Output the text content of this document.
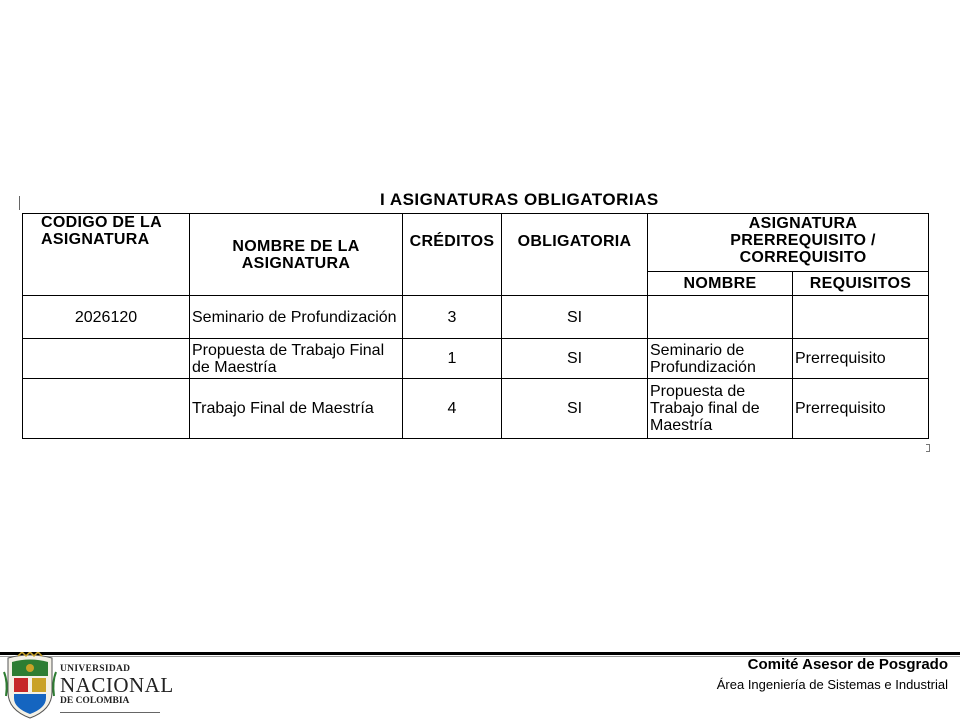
I ASIGNATURAS OBLIGATORIAS
CODIGO DE LA ASIGNATURA	NOMBRE DE LA ASIGNATURA	CRÉDITOS	OBLIGATORIA	ASIGNATURA PRERREQUISITO / CORREQUISITO	
				NOMBRE	REQUISITOS
2026120	Seminario de Profundización	3	SI		
	Propuesta de Trabajo Final de Maestría	1	SI	Seminario de Profundización	Prerrequisito
	Trabajo Final de Maestría	4	SI	Propuesta de Trabajo final de Maestría	Prerrequisito
UNIVERSIDAD
NACIONAL
DE COLOMBIA
Comité Asesor de Posgrado
Área Ingeniería de Sistemas e Industrial
